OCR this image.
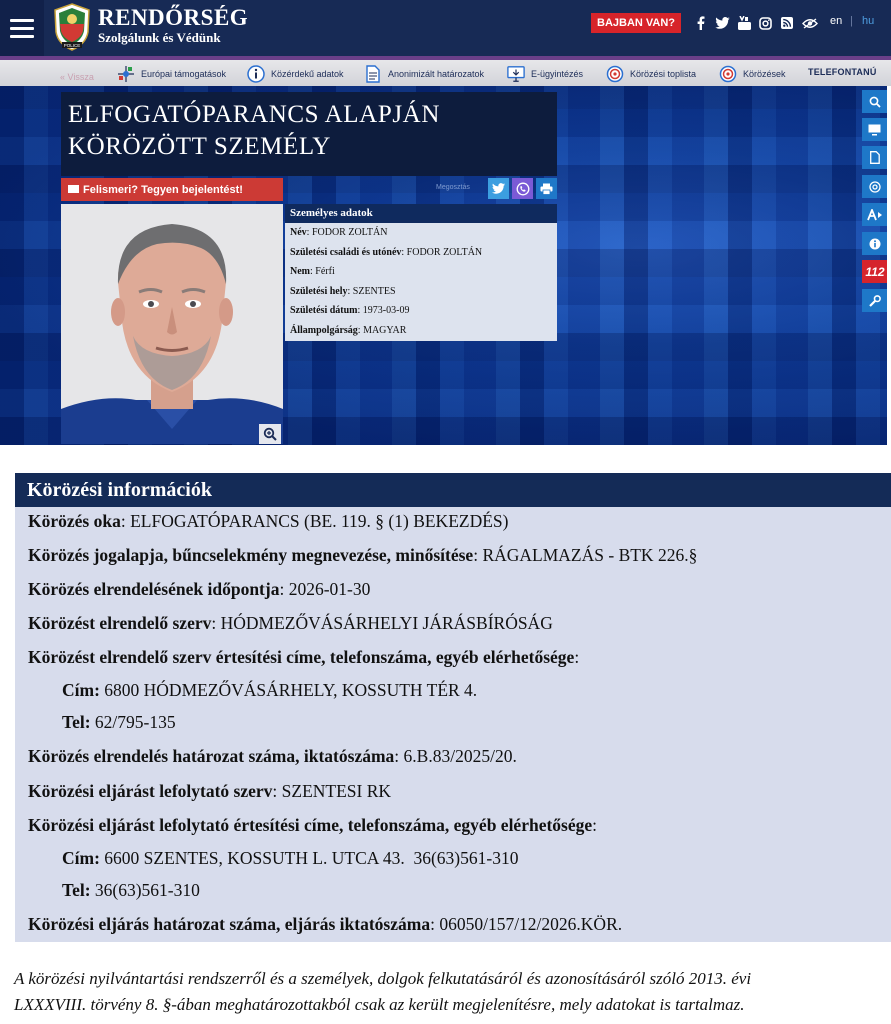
POLICE
RENDŐRSÉG
Szolgálunk és Védünk
BAJBAN VAN?	en | hu
« Vissza	Európai támogatások	Közérdekű adatok	Anonimizált határozatok	E-ügyintézés	Körözési toplista	Körözések TELEFONTANÚ
ELFOGATÓPARANCS ALAPJÁN
KÖRÖZÖTT SZEMÉLY
Felismeri? Tegyen bejelentést!	Megosztás
Személyes adatok
Név: FODOR ZOLTÁN
Születési családi és utónév: FODOR ZOLTÁN
Nem: Férfi
Születési hely: SZENTES
Születési dátum: 1973-03-09
Állampolgárság: MAGYAR
112
Körözési információk
Körözés oka: ELFOGATÓPARANCS (BE. 119. § (1) BEKEZDÉS)
Körözés jogalapja, bűncselekmény megnevezése, minősítése: RÁGALMAZÁS - BTK 226.§
Körözés elrendelésének időpontja: 2026-01-30
Körözést elrendelő szerv: HÓDMEZŐVÁSÁRHELYI JÁRÁSBÍRÓSÁG
Körözést elrendelő szerv értesítési címe, telefonszáma, egyéb elérhetősége:
Cím: 6800 HÓDMEZŐVÁSÁRHELY, KOSSUTH TÉR 4.
Tel: 62/795-135
Körözés elrendelés határozat száma, iktatószáma: 6.B.83/2025/20.
Körözési eljárást lefolytató szerv: SZENTESI RK
Körözési eljárást lefolytató értesítési címe, telefonszáma, egyéb elérhetősége:
Cím: 6600 SZENTES, KOSSUTH L. UTCA 43.  36(63)561-310
Tel: 36(63)561-310
Körözési eljárás határozat száma, eljárás iktatószáma: 06050/157/12/2026.KÖR.
A körözési nyilvántartási rendszerről és a személyek, dolgok felkutatásáról és azonosításáról szóló 2013. évi
LXXXVIII. törvény 8. §-ában meghatározottakból csak az került megjelenítésre, mely adatokat is tartalmaz.
